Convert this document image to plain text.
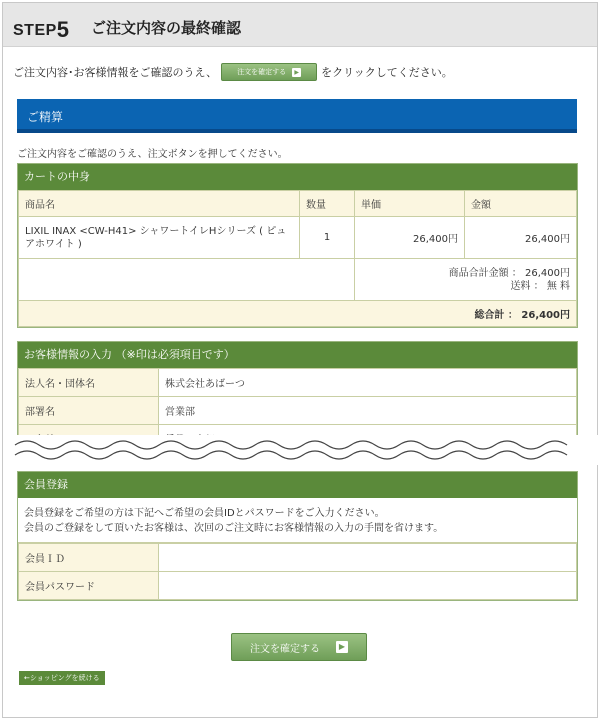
STEP5 ご注文内容の最終確認
ご注文内容･お客様情報をご確認のうえ、	注文を確定する	▶ をクリックしてください。
ご精算
ご注文内容をご確認のうえ、注文ボタンを押してください。
カートの中身
商品名	数量	単価	金額
LIXIL INAX <CW-H41> シャワートイレHシリーズ ( ピュアホワイト )	1	26,400円	26,400円
		商品合計金額 ： 26,400円
送料 ： 無 料	
総合計 ： 26,400円			
お客様情報の入力 （※印は必須項目です）
法人名・団体名	株式会社あばーつ
部署名	営業部

会員登録
会員登録をご希望の方は下記へご希望の会員IDとパスワードをご入力ください。
会員のご登録をして頂いたお客様は、次回のご注文時にお客様情報の入力の手間を省けます。
会員ＩＤ	
会員パスワード	
注文を確定する	▶
←ショッピングを続ける
